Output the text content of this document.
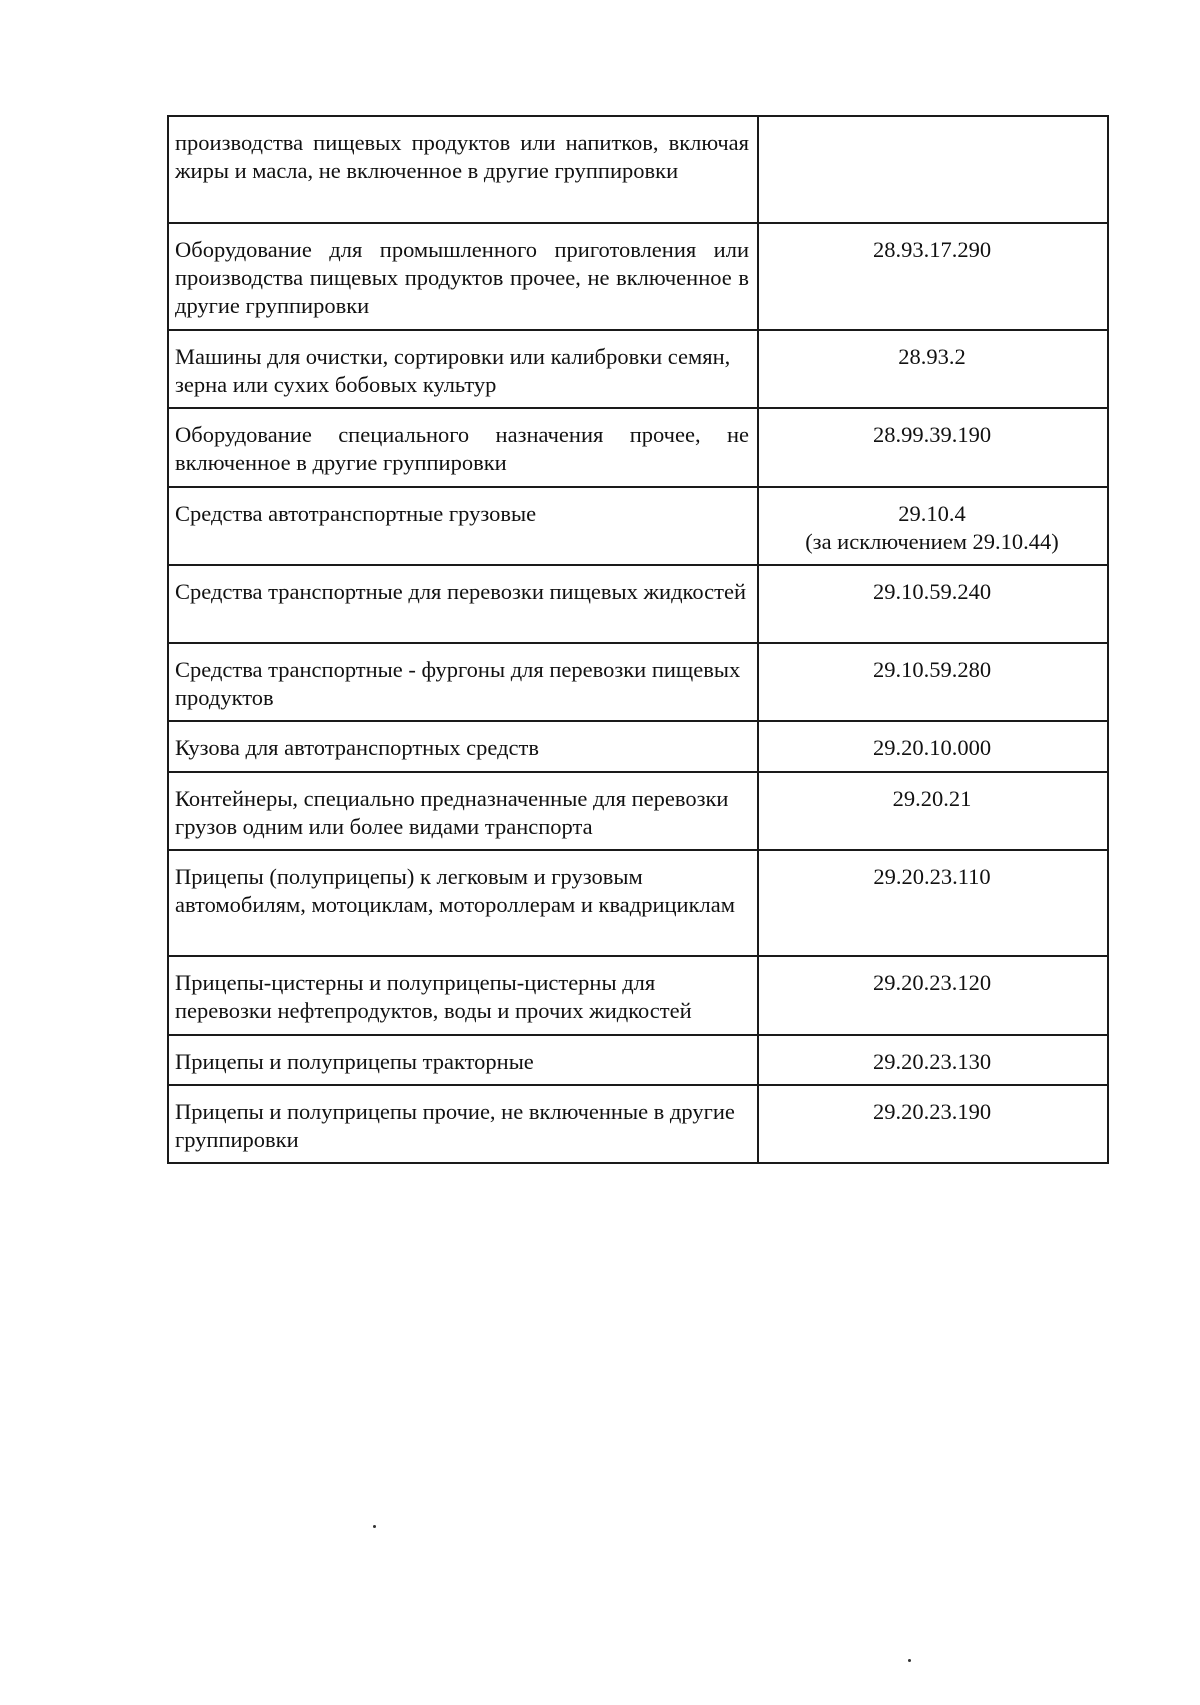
производства пищевых продуктов или напитков, включая жиры и масла, не включенное в другие группировки	

Оборудование для промышленного приготовления или производства пищевых продуктов прочее, не включенное в другие группировки	28.93.17.290

Машины для очистки, сортировки или калибровки семян, зерна или сухих бобовых культур	28.93.2

Оборудование специального назначения прочее, не включенное в другие группировки	28.99.39.190

Средства автотранспортные грузовые	29.10.4
(за исключением 29.10.44)

Средства транспортные для перевозки пищевых жидкостей	29.10.59.240

Средства транспортные - фургоны для перевозки пищевых продуктов	29.10.59.280

Кузова для автотранспортных средств	29.20.10.000

Контейнеры, специально предназначенные для перевозки грузов одним или более видами транспорта	29.20.21

Прицепы (полуприцепы) к легковым и грузовым автомобилям, мотоциклам, мотороллерам и квадрициклам	29.20.23.110

Прицепы-цистерны и полуприцепы-цистерны для перевозки нефтепродуктов, воды и прочих жидкостей	29.20.23.120

Прицепы и полуприцепы тракторные	29.20.23.130

Прицепы и полуприцепы прочие, не включенные в другие группировки	29.20.23.190
